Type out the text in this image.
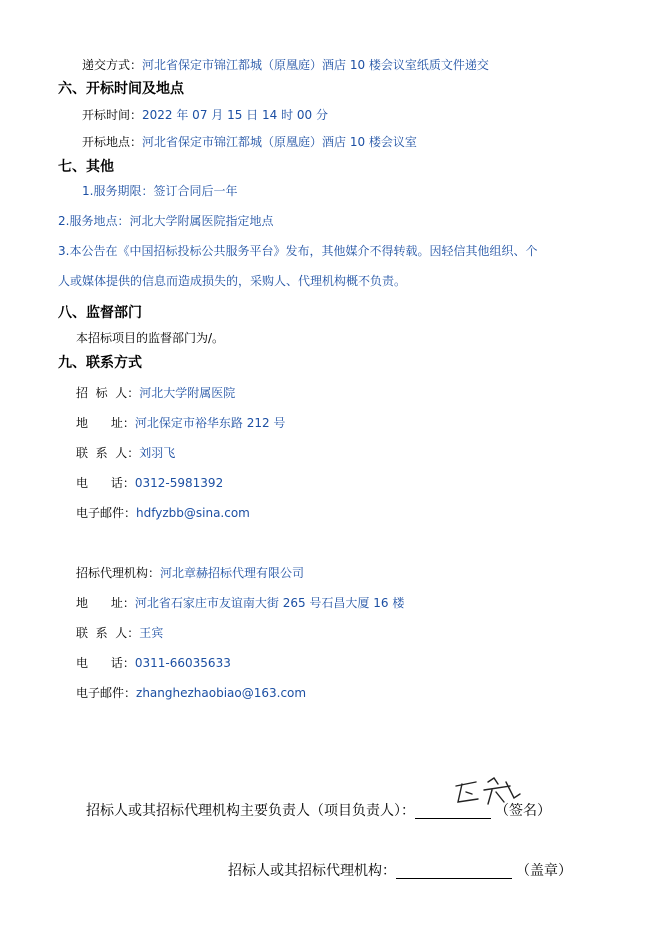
递交方式：河北省保定市锦江都城（原凰庭）酒店 10 楼会议室纸质文件递交
六、开标时间及地点
开标时间：2022 年 07 月 15 日 14 时 00 分
开标地点：河北省保定市锦江都城（原凰庭）酒店 10 楼会议室
七、其他
1.服务期限：签订合同后一年
2.服务地点：河北大学附属医院指定地点
3.本公告在《中国招标投标公共服务平台》发布，其他媒介不得转载。因轻信其他组织、个
人或媒体提供的信息而造成损失的，采购人、代理机构概不负责。
八、监督部门
本招标项目的监督部门为/。
九、联系方式
招  标  人：河北大学附属医院
地      址：河北保定市裕华东路 212 号
联  系  人：刘羽飞
电      话：0312-5981392
电子邮件：hdfyzbb@sina.com
招标代理机构：河北章赫招标代理有限公司
地      址：河北省石家庄市友谊南大街 265 号石昌大厦 16 楼
联  系  人：王宾
电      话：0311-66035633
电子邮件：zhanghezhaobiao@163.com
招标人或其招标代理机构主要负责人（项目负责人）：	（签名）
招标人或其招标代理机构：	（盖章）
